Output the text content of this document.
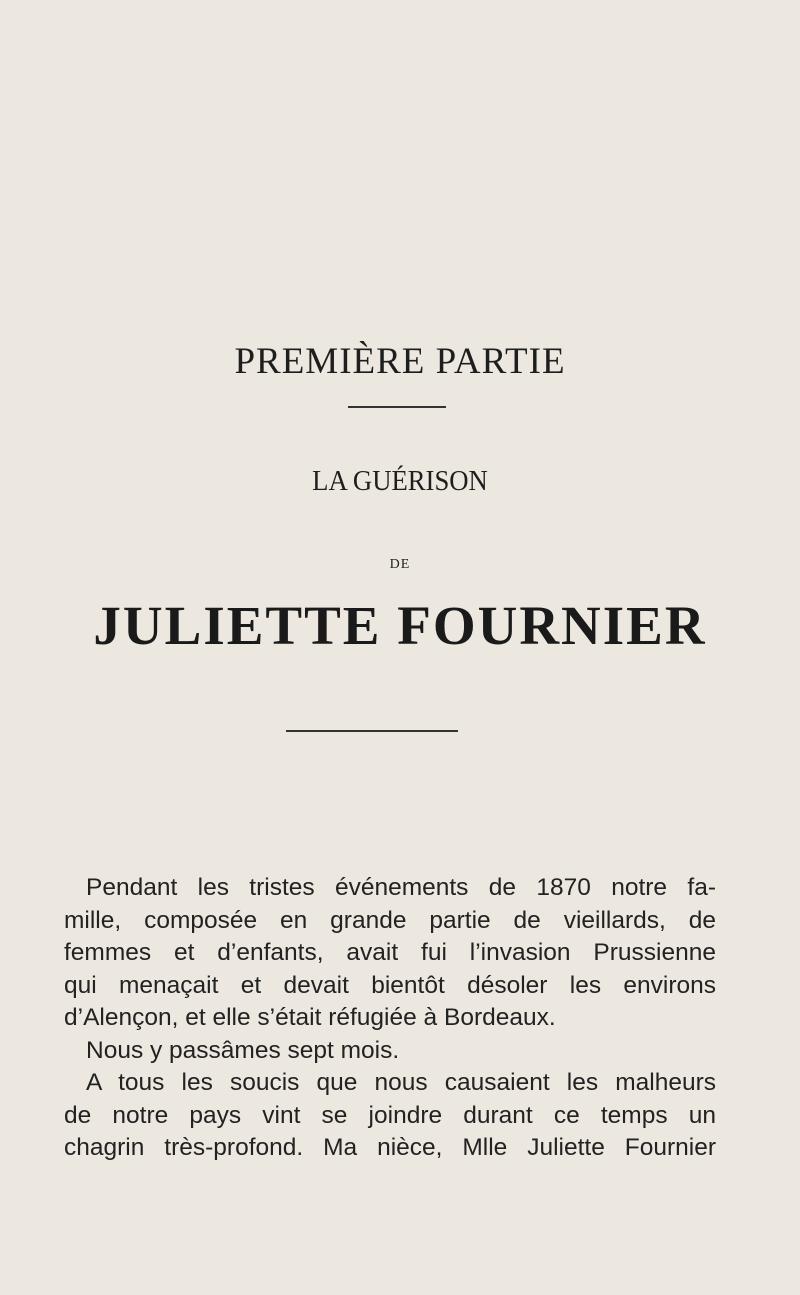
PREMIÈRE PARTIE
LA GUÉRISON
DE
JULIETTE FOURNIER
Pendant les tristes événements de 1870 notre fa-
mille, composée en grande partie de vieillards, de
femmes et d’enfants, avait fui l’invasion Prussienne
qui menaçait et devait bientôt désoler les environs
d’Alençon, et elle s’était réfugiée à Bordeaux.
Nous y passâmes sept mois.
A tous les soucis que nous causaient les malheurs
de notre pays vint se joindre durant ce temps un
chagrin très-profond. Ma nièce, Mlle Juliette Fournier
